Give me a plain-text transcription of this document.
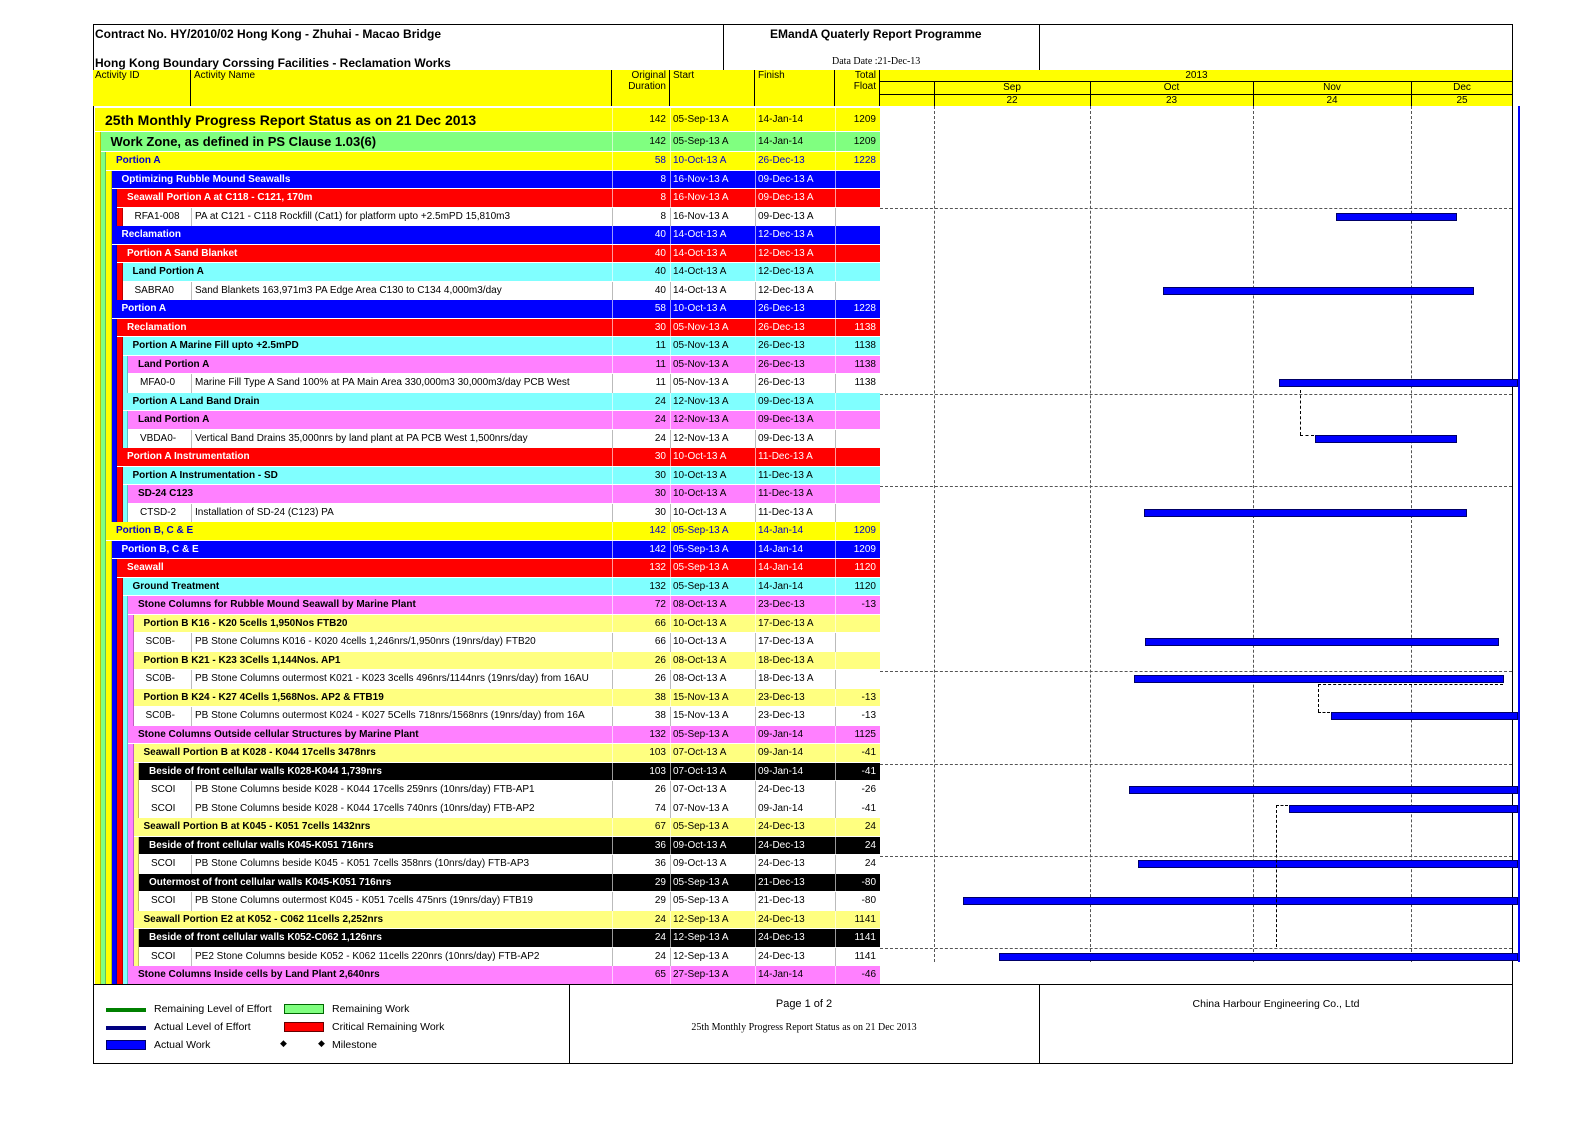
Contract No. HY/2010/02 Hong Kong - Zhuhai - Macao Bridge
Hong Kong Boundary Corssing Facilities - Reclamation Works
EMandA Quaterly Report Programme
Data Date :21-Dec-13
Activity ID	Activity Name	Original Duration
Start	Finish	Total Float
2013
Sep
22
Oct
23
Nov
24
Dec
25
25th Monthly Progress Report Status as on 21 Dec 2013	142 05-Sep-13 A	14-Jan-14	1209
Work Zone, as defined in PS Clause 1.03(6)	142 05-Sep-13 A	14-Jan-14	1209
Portion A	58 10-Oct-13 A	26-Dec-13	1228
Optimizing Rubble Mound Seawalls	8 16-Nov-13 A	09-Dec-13 A
Seawall Portion A at C118 - C121, 170m	8 16-Nov-13 A	09-Dec-13 A
RFA1-008	PA at C121 - C118 Rockfill (Cat1) for platform upto +2.5mPD 15,810m3	8 16-Nov-13 A	09-Dec-13 A
Reclamation	40 14-Oct-13 A	12-Dec-13 A
Portion A Sand Blanket	40 14-Oct-13 A	12-Dec-13 A
Land Portion A	40 14-Oct-13 A	12-Dec-13 A
SABRA0	Sand Blankets 163,971m3 PA Edge Area C130 to C134 4,000m3/day	40 14-Oct-13 A	12-Dec-13 A
Portion A	58 10-Oct-13 A	26-Dec-13	1228
Reclamation	30 05-Nov-13 A	26-Dec-13	1138
Portion A Marine Fill upto +2.5mPD	11 05-Nov-13 A	26-Dec-13	1138
Land Portion A	11 05-Nov-13 A	26-Dec-13	1138
MFA0-0	Marine Fill Type A Sand 100% at PA Main Area 330,000m3 30,000m3/day PCB West	11 05-Nov-13 A	26-Dec-13	1138
Portion A Land Band Drain	24 12-Nov-13 A	09-Dec-13 A
Land Portion A	24 12-Nov-13 A	09-Dec-13 A
VBDA0-	Vertical Band Drains 35,000nrs by land plant at PA PCB West 1,500nrs/day	24 12-Nov-13 A	09-Dec-13 A
Portion A Instrumentation	30 10-Oct-13 A	11-Dec-13 A
Portion A Instrumentation - SD	30 10-Oct-13 A	11-Dec-13 A
SD-24 C123	30 10-Oct-13 A	11-Dec-13 A
CTSD-2	Installation of SD-24 (C123) PA	30 10-Oct-13 A	11-Dec-13 A
Portion B, C & E	142 05-Sep-13 A	14-Jan-14	1209
Portion B, C & E	142 05-Sep-13 A	14-Jan-14	1209
Seawall	132 05-Sep-13 A	14-Jan-14	1120
Ground Treatment	132 05-Sep-13 A	14-Jan-14	1120
Stone Columns for Rubble Mound Seawall by Marine Plant	72 08-Oct-13 A	23-Dec-13	-13
Portion B K16 - K20 5cells 1,950Nos FTB20	66 10-Oct-13 A	17-Dec-13 A
SC0B-	PB Stone Columns K016 - K020 4cells 1,246nrs/1,950nrs (19nrs/day) FTB20	66 10-Oct-13 A	17-Dec-13 A
Portion B K21 - K23 3Cells 1,144Nos. AP1	26 08-Oct-13 A	18-Dec-13 A
SC0B-	PB Stone Columns outermost K021 - K023 3cells 496nrs/1144nrs (19nrs/day) from 16AU	26 08-Oct-13 A	18-Dec-13 A
Portion B K24 - K27 4Cells 1,568Nos. AP2 & FTB19	38 15-Nov-13 A	23-Dec-13	-13
SC0B-	PB Stone Columns outermost K024 - K027 5Cells 718nrs/1568nrs (19nrs/day) from 16A	38 15-Nov-13 A	23-Dec-13	-13
Stone Columns Outside cellular Structures by Marine Plant	132 05-Sep-13 A	09-Jan-14	1125
Seawall Portion B at K028 - K044 17cells 3478nrs	103 07-Oct-13 A	09-Jan-14	-41
Beside of front cellular walls K028-K044 1,739nrs	103 07-Oct-13 A	09-Jan-14	-41
SCOI	PB Stone Columns beside K028 - K044 17cells 259nrs (10nrs/day) FTB-AP1	26 07-Oct-13 A	24-Dec-13	-26
SCOI	PB Stone Columns beside K028 - K044 17cells 740nrs (10nrs/day) FTB-AP2	74 07-Nov-13 A	09-Jan-14	-41
Seawall Portion B at K045 - K051 7cells 1432nrs	67 05-Sep-13 A	24-Dec-13	24
Beside of front cellular walls K045-K051 716nrs	36 09-Oct-13 A	24-Dec-13	24
SCOI	PB Stone Columns beside K045 - K051 7cells 358nrs (10nrs/day) FTB-AP3	36 09-Oct-13 A	24-Dec-13	24
Outermost of front cellular walls K045-K051 716nrs	29 05-Sep-13 A	21-Dec-13	-80
SCOI	PB Stone Columns outermost K045 - K051 7cells 475nrs (19nrs/day) FTB19	29 05-Sep-13 A	21-Dec-13	-80
Seawall Portion E2 at K052 - C062 11cells 2,252nrs	24 12-Sep-13 A	24-Dec-13	1141
Beside of front cellular walls K052-C062 1,126nrs	24 12-Sep-13 A	24-Dec-13	1141
SCOI	PE2 Stone Columns beside K052 - K062 11cells 220nrs (10nrs/day) FTB-AP2	24 12-Sep-13 A	24-Dec-13	1141
Stone Columns Inside cells by Land Plant 2,640nrs	65 27-Sep-13 A	14-Jan-14	-46
Remaining Level of Effort
Actual Level of Effort
Actual Work
Remaining Work
Critical Remaining Work
◆	◆ Milestone
Page 1 of 2
25th Monthly Progress Report Status as on 21 Dec 2013
China Harbour Engineering Co., Ltd
